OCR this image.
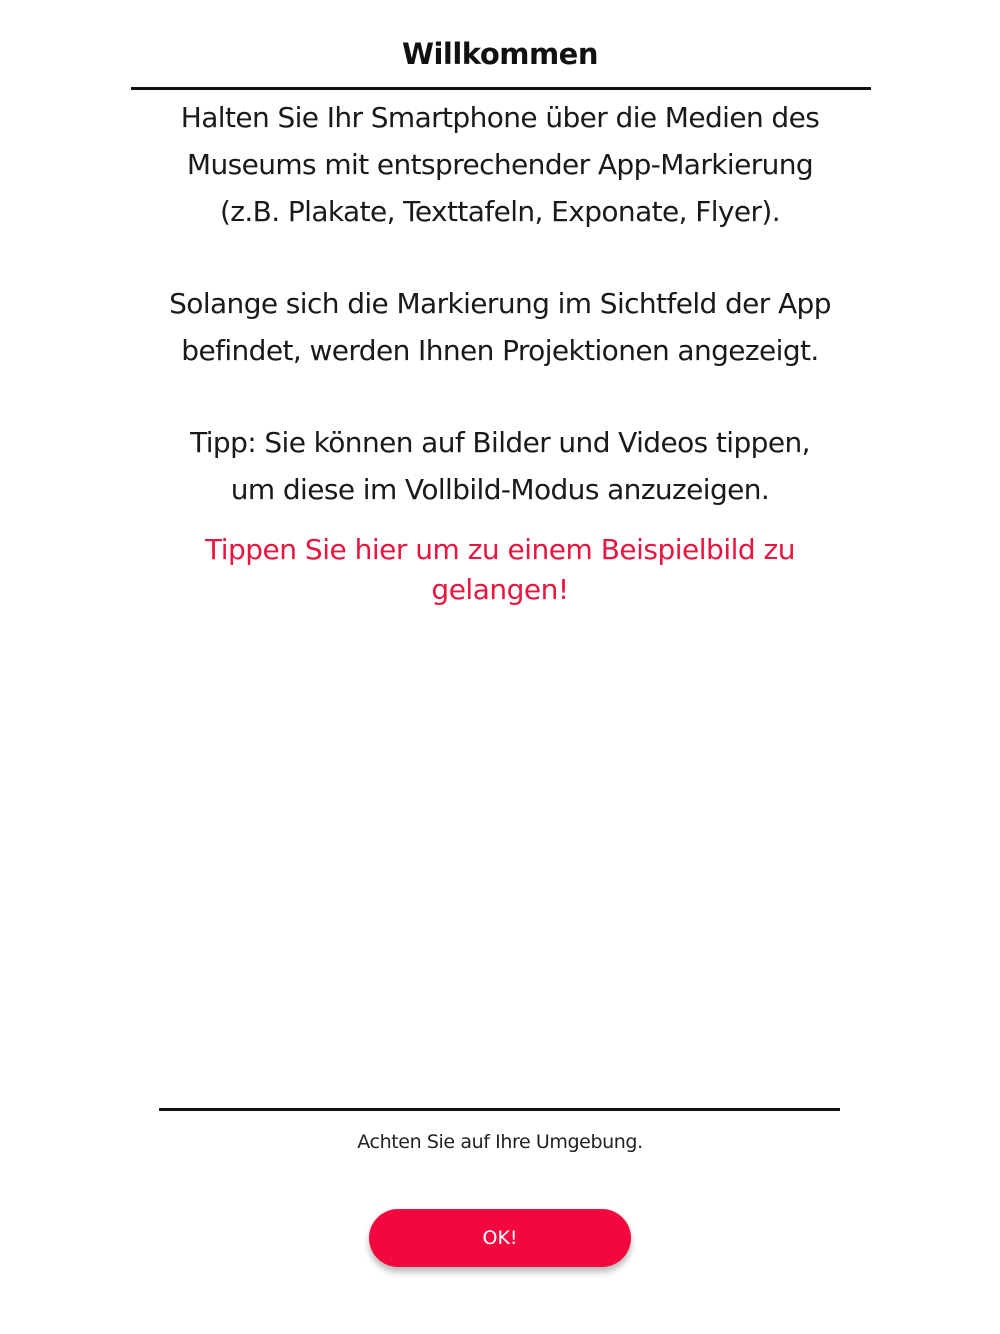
Willkommen

Halten Sie Ihr Smartphone über die Medien des

Museums mit entsprechender App-Markierung

(z.B. Plakate, Texttafeln, Exponate, Flyer).

Solange sich die Markierung im Sichtfeld der App

befindet, werden Ihnen Projektionen angezeigt.

Tipp: Sie können auf Bilder und Videos tippen,

um diese im Vollbild-Modus anzuzeigen.

Tippen Sie hier um zu einem Beispielbild zu
gelangen!
Achten Sie auf Ihre Umgebung.
OK!
